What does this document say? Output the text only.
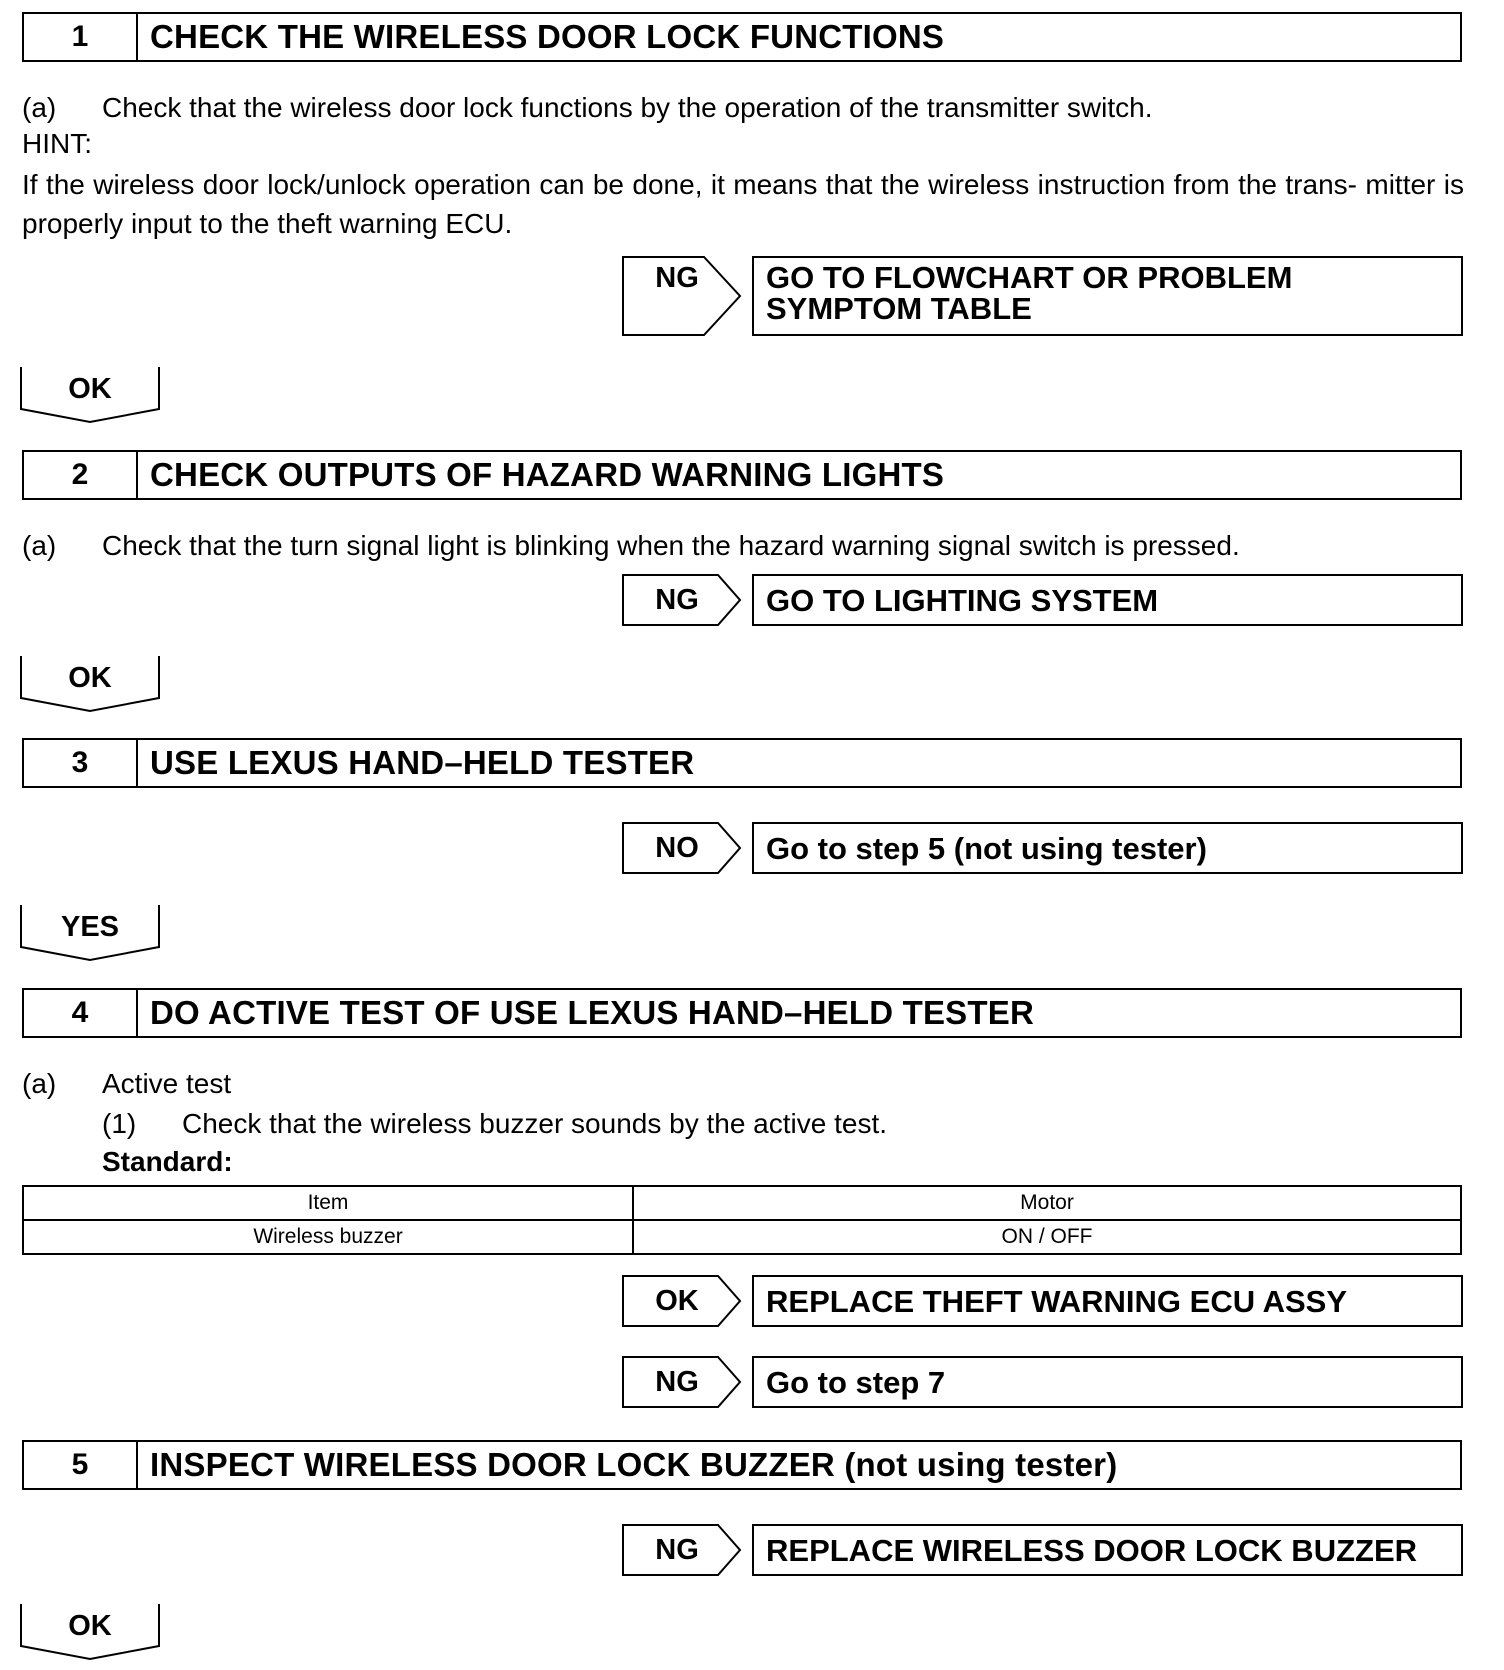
1	CHECK THE WIRELESS DOOR LOCK FUNCTIONS
(a) Check that the wireless door lock functions by the operation of the transmitter switch.
HINT:
If the wireless door lock/unlock operation can be done, it means that the wireless instruction from the trans- mitter is properly input to the theft warning ECU.
NG	GO TO FLOWCHART OR PROBLEM SYMPTOM TABLE
OK
2	CHECK OUTPUTS OF HAZARD WARNING LIGHTS
(a) Check that the turn signal light is blinking when the hazard warning signal switch is pressed.
NG	GO TO LIGHTING SYSTEM
OK
3	USE LEXUS HAND–HELD TESTER
NO	Go to step 5 (not using tester)
YES
4	DO ACTIVE TEST OF USE LEXUS HAND–HELD TESTER
(a) Active test
(1) Check that the wireless buzzer sounds by the active test.
Standard:
Item	Motor
Wireless buzzer	ON / OFF
OK	REPLACE THEFT WARNING ECU ASSY
NG	Go to step 7
5	INSPECT WIRELESS DOOR LOCK BUZZER (not using tester)
NG	REPLACE WIRELESS DOOR LOCK BUZZER
OK
